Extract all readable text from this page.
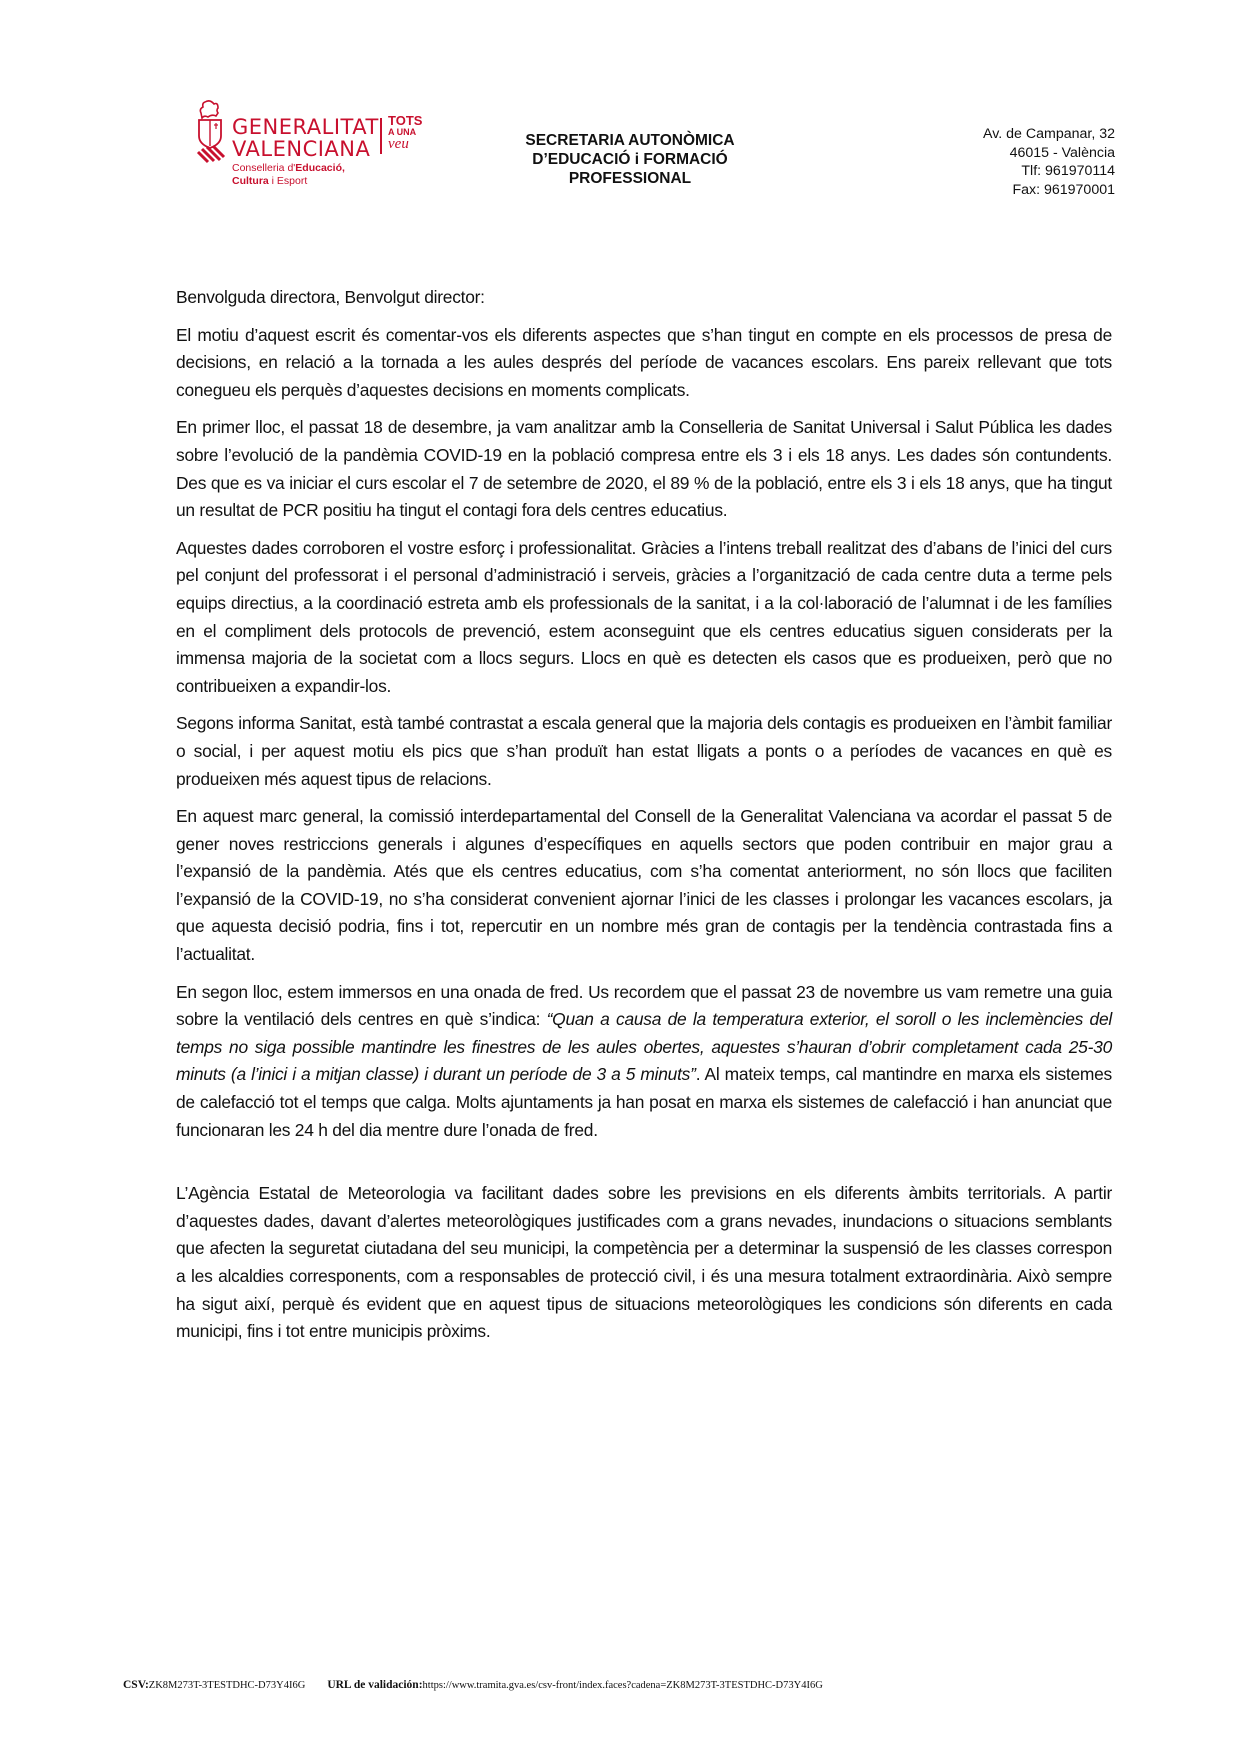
GENERALITAT
VALENCIANA
Conselleria d'Educació,
Cultura i Esport
TOTS
A UNA
veu	SECRETARIA AUTONÒMICA
D’EDUCACIÓ i FORMACIÓ
PROFESSIONAL
Av. de Campanar, 32
46015 - València
Tlf: 961970114
Fax: 961970001

Benvolguda directora, Benvolgut director:

El motiu d’aquest escrit és comentar-vos els diferents aspectes que s’han tingut en compte en els processos de presa de decisions, en relació a la tornada a les aules després del període de vacances escolars. Ens pareix rellevant que tots conegueu els perquès d’aquestes decisions en moments complicats.

En primer lloc, el passat 18 de desembre, ja vam analitzar amb la Conselleria de Sanitat Universal i Salut Pública les dades sobre l’evolució de la pandèmia COVID-19 en la població compresa entre els 3 i els 18 anys. Les dades són contundents. Des que es va iniciar el curs escolar el 7 de setembre de 2020, el 89 % de la població, entre els 3 i els 18 anys, que ha tingut un resultat de PCR positiu ha tingut el contagi fora dels centres educatius.

Aquestes dades corroboren el vostre esforç i professionalitat. Gràcies a l’intens treball realitzat des d’abans de l’inici del curs pel conjunt del professorat i el personal d’administració i serveis, gràcies a l’organització de cada centre duta a terme pels equips directius, a la coordinació estreta amb els professionals de la sanitat, i a la col·laboració de l’alumnat i de les famílies en el compliment dels protocols de prevenció, estem aconseguint que els centres educatius siguen considerats per la immensa majoria de la societat com a llocs segurs. Llocs en què es detecten els casos que es produeixen, però que no contribueixen a expandir-los.

Segons informa Sanitat, està també contrastat a escala general que la majoria dels contagis es produeixen en l’àmbit familiar o social, i per aquest motiu els pics que s’han produït han estat lligats a ponts o a períodes de vacances en què es produeixen més aquest tipus de relacions.

En aquest marc general, la comissió interdepartamental del Consell de la Generalitat Valenciana va acordar el passat 5 de gener noves restriccions generals i algunes d’específiques en aquells sectors que poden contribuir en major grau a l’expansió de la pandèmia. Atés que els centres educatius, com s’ha comentat anteriorment, no són llocs que faciliten l’expansió de la COVID-19, no s’ha considerat convenient ajornar l’inici de les classes i prolongar les vacances escolars, ja que aquesta decisió podria, fins i tot, repercutir en un nombre més gran de contagis per la tendència contrastada fins a l’actualitat.

En segon lloc, estem immersos en una onada de fred. Us recordem que el passat 23 de novembre us vam remetre una guia sobre la ventilació dels centres en què s’indica: “Quan a causa de la temperatura exterior, el soroll o les inclemències del temps no siga possible mantindre les finestres de les aules obertes, aquestes s’hauran d’obrir completament cada 25-30 minuts (a l’inici i a mitjan classe) i durant un període de 3 a 5 minuts”. Al mateix temps, cal mantindre en marxa els sistemes de calefacció tot el temps que calga. Molts ajuntaments ja han posat en marxa els sistemes de calefacció i han anunciat que funcionaran les 24 h del dia mentre dure l’onada de fred.

L’Agència Estatal de Meteorologia va facilitant dades sobre les previsions en els diferents àmbits territorials. A partir d’aquestes dades, davant d’alertes meteorològiques justificades com a grans nevades, inundacions o situacions semblants que afecten la seguretat ciutadana del seu municipi, la competència per a determinar la suspensió de les classes correspon a les alcaldies corresponents, com a responsables de protecció civil, i és una mesura totalment extraordinària. Això sempre ha sigut així, perquè és evident que en aquest tipus de situacions meteorològiques les condicions són diferents en cada municipi, fins i tot entre municipis pròxims.

CSV:ZK8M273T-3TESTDHC-D73Y4I6G URL de validación:https://www.tramita.gva.es/csv-front/index.faces?cadena=ZK8M273T-3TESTDHC-D73Y4I6G
